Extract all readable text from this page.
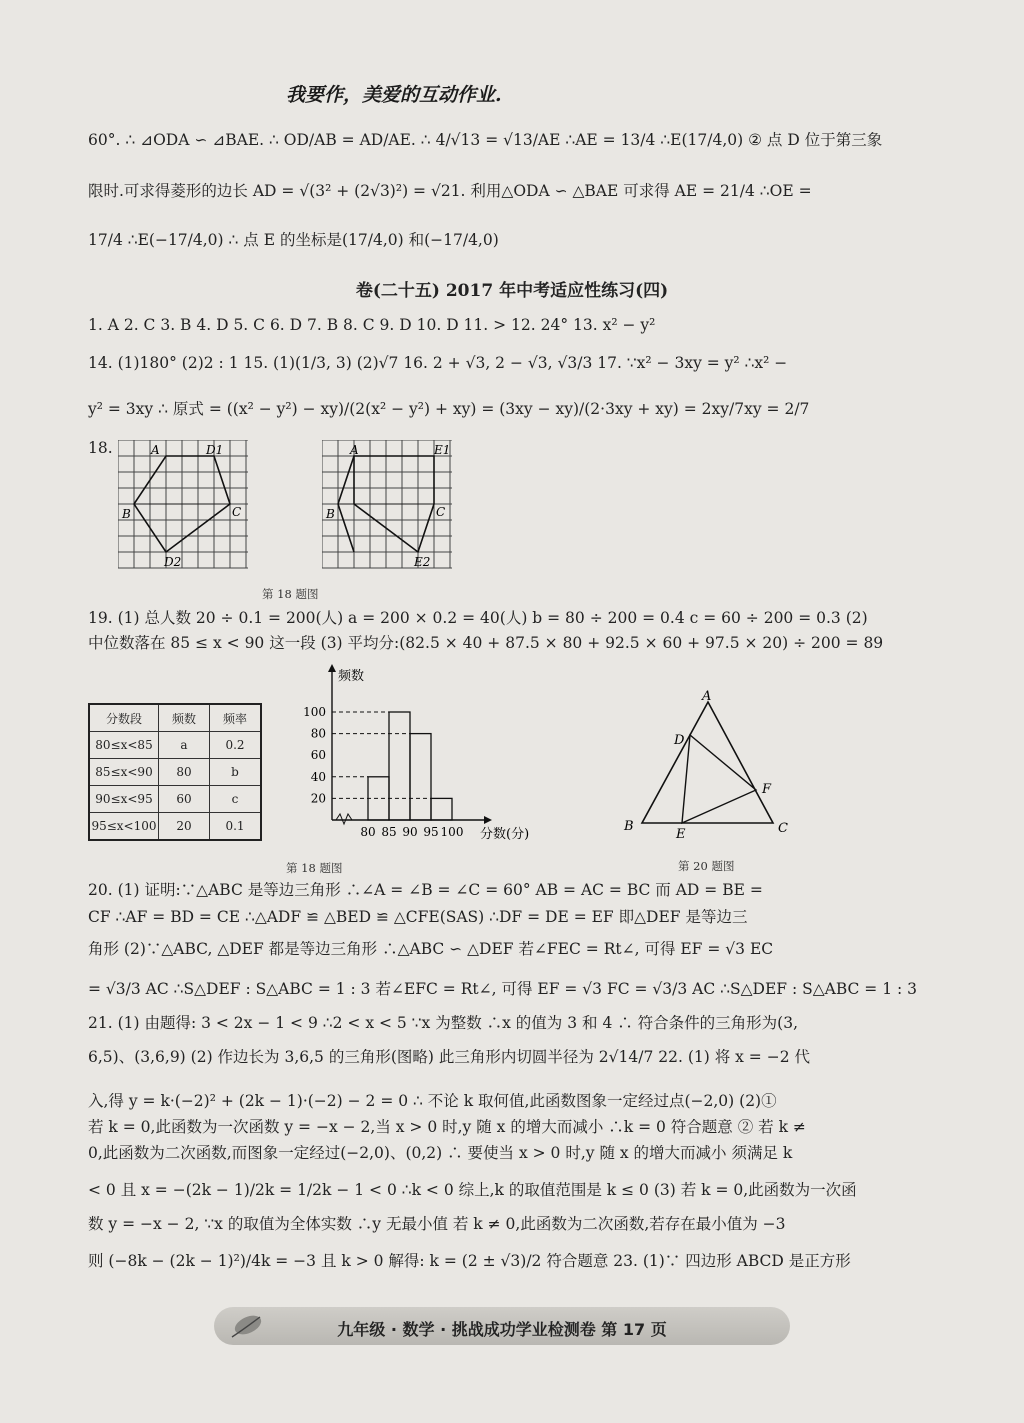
我要作，美爱的互动作业.
60°. ∴ ⊿ODA ∽ ⊿BAE. ∴ OD/AB = AD/AE. ∴ 4/√13 = √13/AE ∴AE = 13/4 ∴E(17/4,0) ② 点 D 位于第三象
限时.可求得菱形的边长 AD = √(3² + (2√3)²) = √21. 利用△ODA ∽ △BAE 可求得 AE = 21/4 ∴OE =
17/4 ∴E(−17/4,0) ∴ 点 E 的坐标是(17/4,0) 和(−17/4,0)
卷(二十五) 2017 年中考适应性练习(四)
1. A 2. C 3. B 4. D 5. C 6. D 7. B 8. C 9. D 10. D 11. > 12. 24° 13. x² − y²
14. (1)180° (2)2 : 1 15. (1)(1/3, 3) (2)√7 16. 2 + √3, 2 − √3, √3/3 17. ∵x² − 3xy = y² ∴x² −
y² = 3xy ∴ 原式 = ((x² − y²) − xy)/(2(x² − y²) + xy) = (3xy − xy)/(2·3xy + xy) = 2xy/7xy = 2/7
18.	A	D1
B	C
D2
A	E1
B	C
E2
第 18 题图
19. (1) 总人数 20 ÷ 0.1 = 200(人) a = 200 × 0.2 = 40(人) b = 80 ÷ 200 = 0.4 c = 60 ÷ 200 = 0.3 (2)
中位数落在 85 ≤ x < 90 这一段 (3) 平均分:(82.5 × 40 + 87.5 × 80 + 92.5 × 60 + 97.5 × 20) ÷ 200 = 89
分数段	频数	频率
80≤x<85	a	0.2
85≤x<90	80	b
90≤x<95	60	c
95≤x<100	20	0.1
频数
分数(分)
20
40
60
80
100
80 85 90 95 100
第 18 题图
A
D
F
B
E	C
第 20 题图
20. (1) 证明:∵△ABC 是等边三角形 ∴∠A = ∠B = ∠C = 60° AB = AC = BC 而 AD = BE =
CF ∴AF = BD = CE ∴△ADF ≌ △BED ≌ △CFE(SAS) ∴DF = DE = EF 即△DEF 是等边三
角形 (2)∵△ABC, △DEF 都是等边三角形 ∴△ABC ∽ △DEF 若∠FEC = Rt∠, 可得 EF = √3 EC
= √3/3 AC ∴S△DEF : S△ABC = 1 : 3 若∠EFC = Rt∠, 可得 EF = √3 FC = √3/3 AC ∴S△DEF : S△ABC = 1 : 3
21. (1) 由题得: 3 < 2x − 1 < 9 ∴2 < x < 5 ∵x 为整数 ∴x 的值为 3 和 4 ∴ 符合条件的三角形为(3,
6,5)、(3,6,9) (2) 作边长为 3,6,5 的三角形(图略) 此三角形内切圆半径为 2√14/7 22. (1) 将 x = −2 代
入,得 y = k·(−2)² + (2k − 1)·(−2) − 2 = 0 ∴ 不论 k 取何值,此函数图象一定经过点(−2,0) (2)①
若 k = 0,此函数为一次函数 y = −x − 2,当 x > 0 时,y 随 x 的增大而减小 ∴k = 0 符合题意 ② 若 k ≠
0,此函数为二次函数,而图象一定经过(−2,0)、(0,2) ∴ 要使当 x > 0 时,y 随 x 的增大而减小 须满足 k
< 0 且 x = −(2k − 1)/2k = 1/2k − 1 < 0 ∴k < 0 综上,k 的取值范围是 k ≤ 0 (3) 若 k = 0,此函数为一次函
数 y = −x − 2, ∵x 的取值为全体实数 ∴y 无最小值 若 k ≠ 0,此函数为二次函数,若存在最小值为 −3
则 (−8k − (2k − 1)²)/4k = −3 且 k > 0 解得: k = (2 ± √3)/2 符合题意 23. (1)∵ 四边形 ABCD 是正方形
九年级 · 数学 · 挑战成功学业检测卷 第 17 页
